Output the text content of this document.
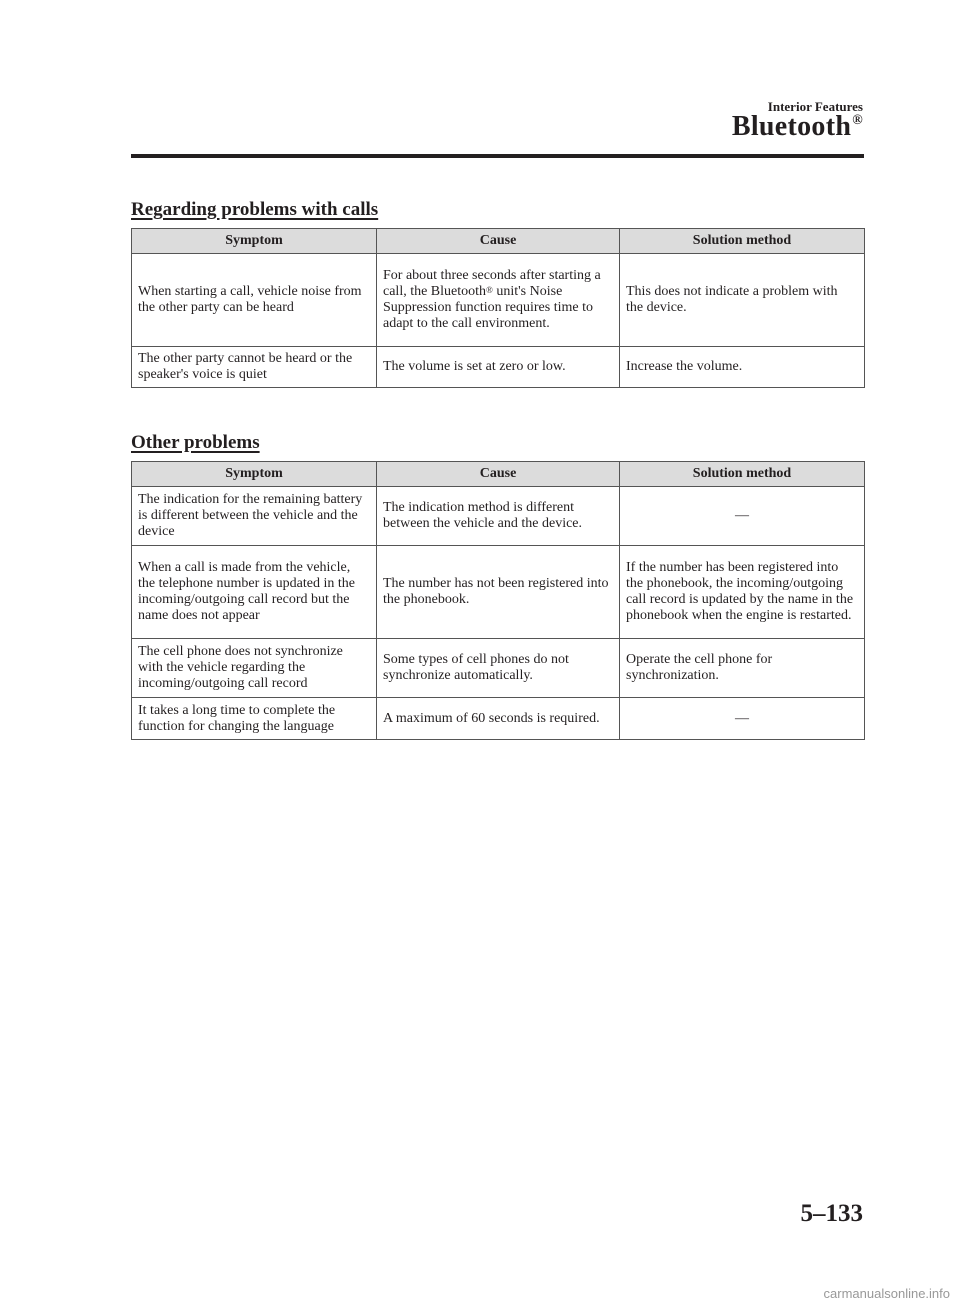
Interior Features
Bluetooth®
Regarding problems with calls
Symptom	Cause	Solution method
When starting a call, vehicle noise from the other party can be heard	For about three seconds after starting a call, the Bluetooth® unit's Noise Suppression function requires time to adapt to the call environment.	This does not indicate a problem with the device.
The other party cannot be heard or the speaker's voice is quiet	The volume is set at zero or low.	Increase the volume.
Other problems
Symptom	Cause	Solution method
The indication for the remaining battery is different between the vehicle and the device	The indication method is different between the vehicle and the device.	—
When a call is made from the vehicle, the telephone number is updated in the incoming/outgoing call record but the name does not appear	The number has not been registered into the phonebook.	If the number has been registered into the phonebook, the incoming/outgoing call record is updated by the name in the phonebook when the engine is restarted.
The cell phone does not synchronize with the vehicle regarding the incoming/outgoing call record	Some types of cell phones do not synchronize automatically.	Operate the cell phone for synchronization.
It takes a long time to complete the function for changing the language	A maximum of 60 seconds is required.	—
5–133
carmanualsonline.info
